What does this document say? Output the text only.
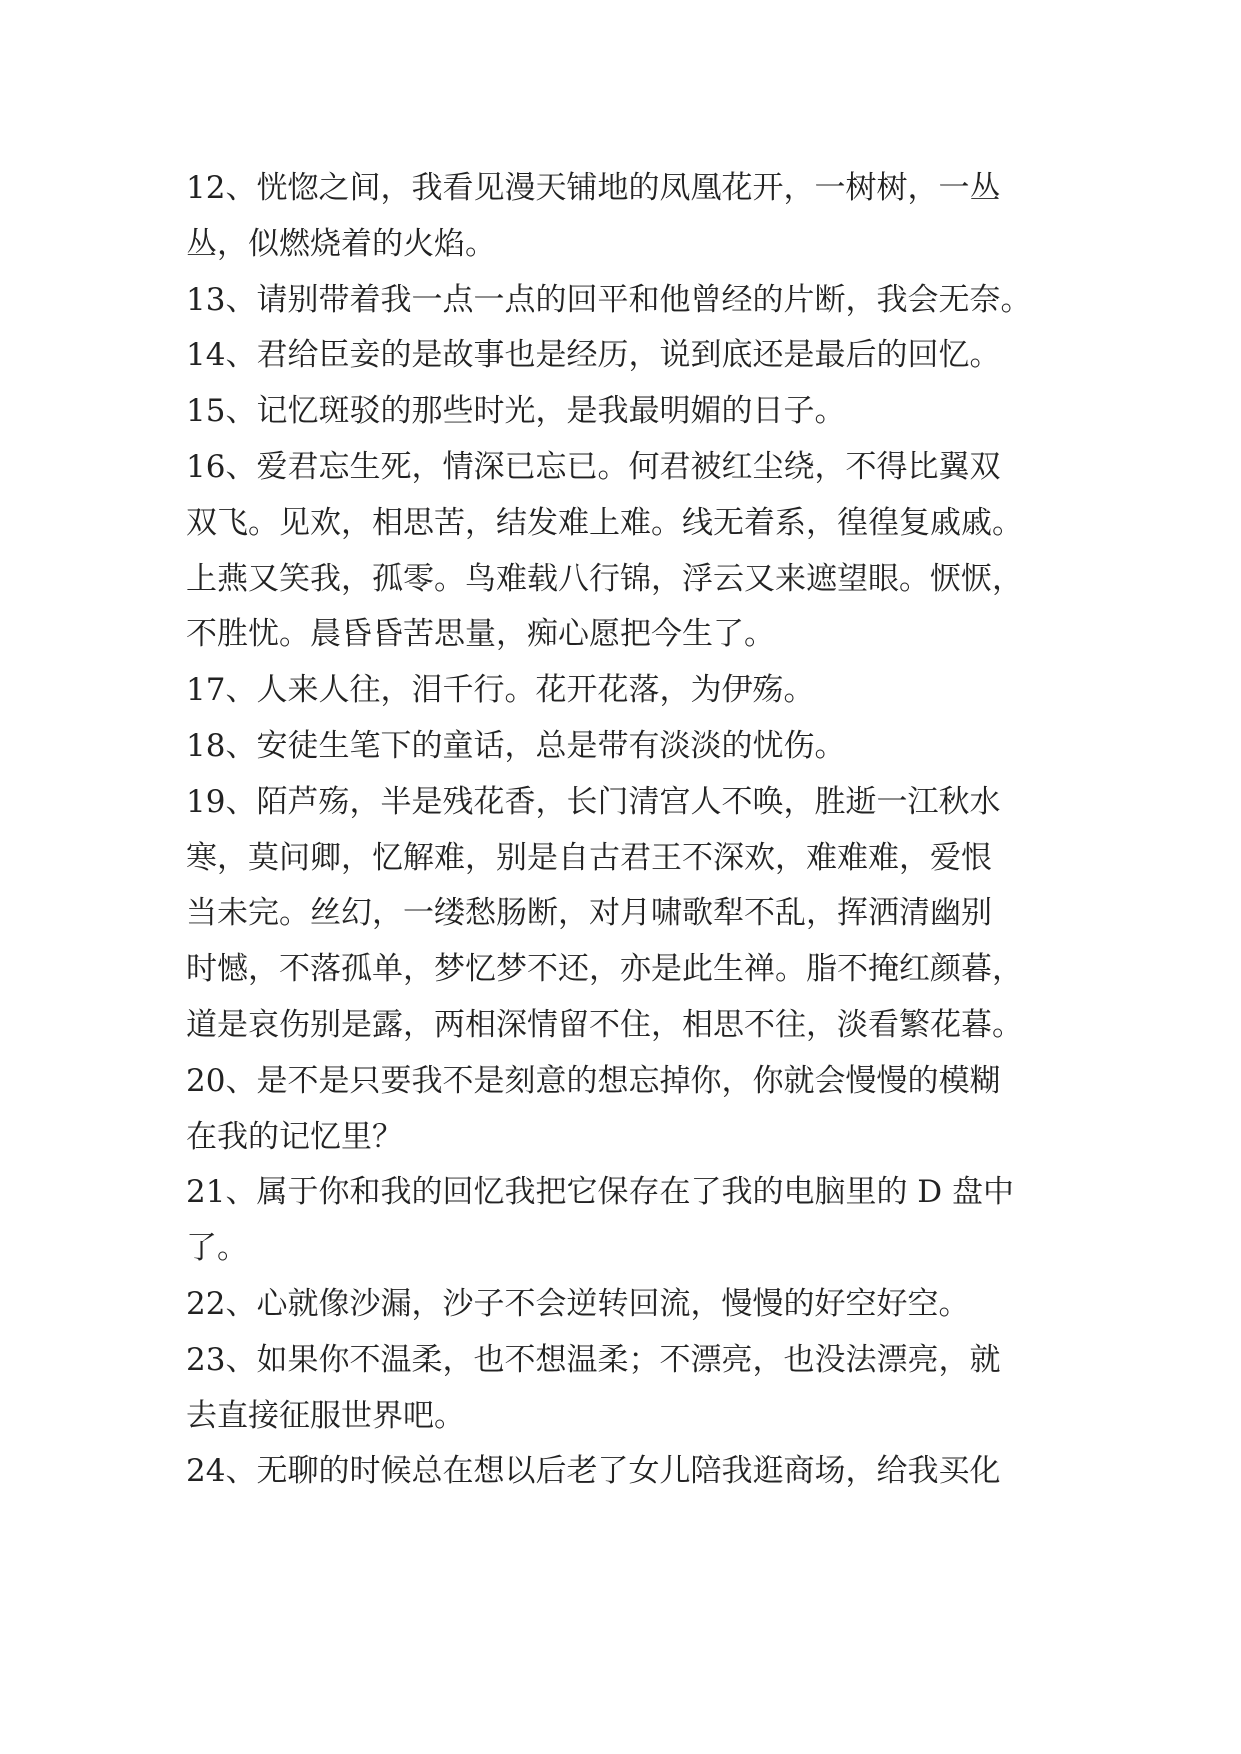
12、恍惚之间，我看见漫天铺地的凤凰花开，一树树，一丛
丛，似燃烧着的火焰。

13、请别带着我一点一点的回平和他曾经的片断，我会无奈。

14、君给臣妾的是故事也是经历，说到底还是最后的回忆。

15、记忆斑驳的那些时光，是我最明媚的日子。

16、爱君忘生死，情深已忘已。何君被红尘绕，不得比翼双
双飞。见欢，相思苦，结发难上难。线无着系，徨徨复戚戚。
上燕又笑我，孤零。鸟难载八行锦，浮云又来遮望眼。恹恹，
不胜忧。晨昏昏苦思量，痴心愿把今生了。

17、人来人往，泪千行。花开花落，为伊殇。

18、安徒生笔下的童话，总是带有淡淡的忧伤。

19、陌芦殇，半是残花香，长门清宫人不唤，胜逝一江秋水
寒，莫问卿，忆解难，别是自古君王不深欢，难难难，爱恨
当未完。丝幻，一缕愁肠断，对月啸歌犁不乱，挥洒清幽别
时憾，不落孤单，梦忆梦不还，亦是此生禅。脂不掩红颜暮，
道是哀伤别是露，两相深情留不住，相思不往，淡看繁花暮。

20、是不是只要我不是刻意的想忘掉你，你就会慢慢的模糊
在我的记忆里？

21、属于你和我的回忆我把它保存在了我的电脑里的 D 盘中
了。

22、心就像沙漏，沙子不会逆转回流，慢慢的好空好空。

23、如果你不温柔，也不想温柔；不漂亮，也没法漂亮，就
去直接征服世界吧。

24、无聊的时候总在想以后老了女儿陪我逛商场，给我买化
